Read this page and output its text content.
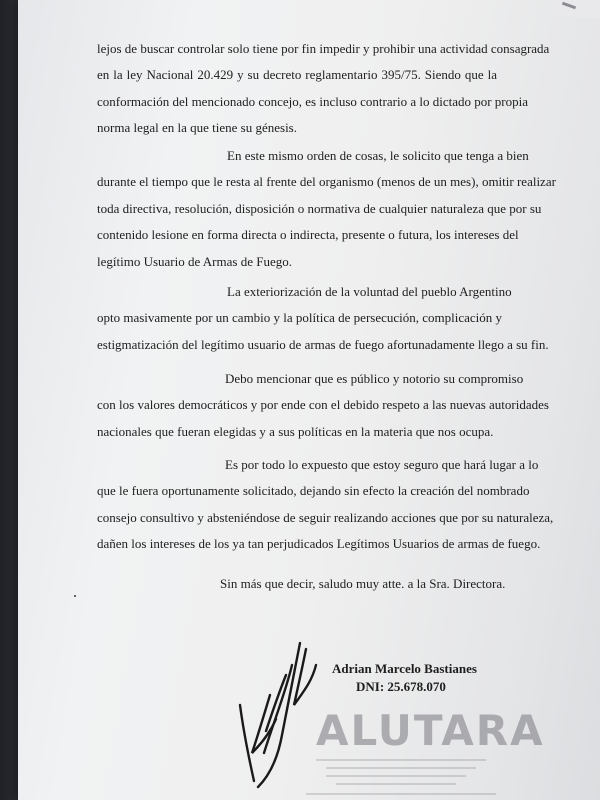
lejos de buscar controlar solo tiene por fin impedir y prohibir una actividad consagrada
en la ley Nacional 20.429 y su decreto reglamentario 395/75. Siendo que la
conformación del mencionado concejo, es incluso contrario a lo dictado por propia
norma legal en la que tiene su génesis.
En este mismo orden de cosas, le solicito que tenga a bien
durante el tiempo que le resta al frente del organismo (menos de un mes), omitir realizar
toda directiva, resolución, disposición o normativa de cualquier naturaleza que por su
contenido lesione en forma directa o indirecta, presente o futura, los intereses del
legítimo Usuario de Armas de Fuego.
La exteriorización de la voluntad del pueblo Argentino
opto masivamente por un cambio y la política de persecución, complicación y
estigmatización del legítimo usuario de armas de fuego afortunadamente llego a su fin.
Debo mencionar que es público y notorio su compromiso
con los valores democráticos y por ende con el debido respeto a las nuevas autoridades
nacionales que fueran elegidas y a sus políticas en la materia que nos ocupa.
Es por todo lo expuesto que estoy seguro que hará lugar a lo
que le fuera oportunamente solicitado, dejando sin efecto la creación del nombrado
consejo consultivo y absteniéndose de seguir realizando acciones que por su naturaleza,
dañen los intereses de los ya tan perjudicados Legítimos Usuarios de armas de fuego.
Sin más que decir, saludo muy atte. a la Sra. Directora.
Adrian Marcelo Bastianes
DNI: 25.678.070
ALUTARA
